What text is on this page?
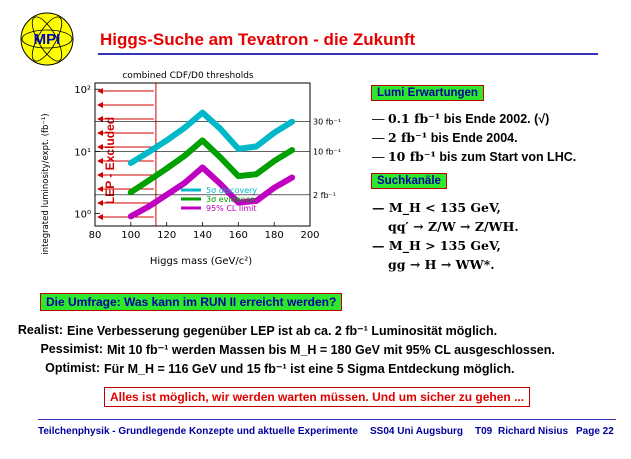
MPI Higgs-Suche am Tevatron - die Zukunft
combined CDF/D0 thresholds
integrated luminosity/expt. (fb⁻¹)
Higgs mass (GeV/c²)
LEP - Excluded	30 fb⁻¹
10 fb⁻¹
2 fb⁻¹
80 100 120 140 160 180 200
10⁰
10¹
10²
5σ discovery
3σ evidence
95% CL limit
Lumi Erwartungen
— 0.1 fb⁻¹ bis Ende 2002. (√)
— 2 fb⁻¹ bis Ende 2004.
— 10 fb⁻¹ bis zum Start von LHC.
Suchkanäle
— M_H < 135 GeV,
qq′ → Z/W → Z/WH.
— M_H > 135 GeV,
gg → H → WW*.
Die Umfrage: Was kann im RUN II erreicht werden?
Realist: Eine Verbesserung gegenüber LEP ist ab ca. 2 fb⁻¹ Luminosität möglich.
Pessimist: Mit 10 fb⁻¹ werden Massen bis M_H = 180 GeV mit 95% CL ausgeschlossen.
Optimist: Für M_H = 116 GeV und 15 fb⁻¹ ist eine 5 Sigma Entdeckung möglich.
Alles ist möglich, wir werden warten müssen. Und um sicher zu gehen ...
Teilchenphysik - Grundlegende Konzepte und aktuelle Experimente SS04 Uni Augsburg T09 Richard Nisius Page 22
